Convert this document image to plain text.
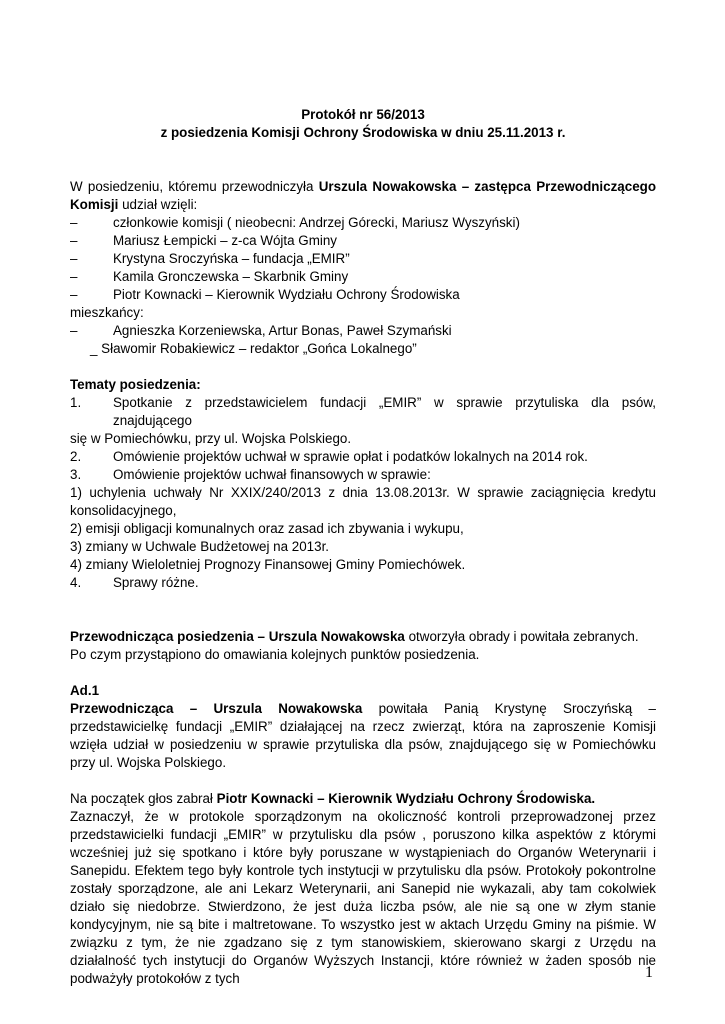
Protokół nr 56/2013

z posiedzenia Komisji Ochrony Środowiska w dniu 25.11.2013 r.

W posiedzeniu, któremu przewodniczyła Urszula Nowakowska – zastępca Przewodniczącego Komisji udział wzięli:
–	członkowie komisji ( nieobecni: Andrzej Górecki, Mariusz Wyszyński)
–	Mariusz Łempicki – z-ca Wójta Gminy
–	Krystyna Sroczyńska – fundacja „EMIR”
–	Kamila Gronczewska – Skarbnik Gminy
–	Piotr Kownacki – Kierownik Wydziału Ochrony Środowiska
mieszkańcy:
–	Agnieszka Korzeniewska, Artur Bonas, Paweł Szymański
_ Sławomir Robakiewicz – redaktor „Gońca Lokalnego”
Tematy posiedzenia:
1.	Spotkanie z przedstawicielem fundacji „EMIR” w sprawie przytuliska dla psów, znajdującego
się w Pomiechówku, przy ul. Wojska Polskiego.
2.	Omówienie projektów uchwał w sprawie opłat i podatków lokalnych na 2014 rok.
3.	Omówienie projektów uchwał finansowych w sprawie:
1) uchylenia uchwały Nr XXIX/240/2013 z dnia 13.08.2013r. W sprawie zaciągnięcia kredytu
konsolidacyjnego,
2) emisji obligacji komunalnych oraz zasad ich zbywania i wykupu,
3) zmiany w Uchwale Budżetowej na 2013r.
4) zmiany Wieloletniej Prognozy Finansowej Gminy Pomiechówek.
4.	Sprawy różne.
Przewodnicząca posiedzenia – Urszula Nowakowska otworzyła obrady i powitała zebranych.
Po czym przystąpiono do omawiania kolejnych punktów posiedzenia.
Ad.1
Przewodnicząca – Urszula Nowakowska powitała Panią Krystynę Sroczyńską – przedstawicielkę fundacji „EMIR” działającej na rzecz zwierząt, która na zaproszenie Komisji wzięła udział w posiedzeniu w sprawie przytuliska dla psów, znajdującego się w Pomiechówku przy ul. Wojska Polskiego.
Na początek głos zabrał Piotr Kownacki – Kierownik Wydziału Ochrony Środowiska.
Zaznaczył, że w protokole sporządzonym na okoliczność kontroli przeprowadzonej przez przedstawicielki fundacji „EMIR” w przytulisku dla psów , poruszono kilka aspektów z którymi wcześniej już się spotkano i które były poruszane w wystąpieniach do Organów Weterynarii i Sanepidu. Efektem tego były kontrole tych instytucji w przytulisku dla psów. Protokoły pokontrolne zostały sporządzone, ale ani Lekarz Weterynarii, ani Sanepid nie wykazali, aby tam cokolwiek działo się niedobrze. Stwierdzono, że jest duża liczba psów, ale nie są one w złym stanie kondycyjnym, nie są bite i maltretowane. To wszystko jest w aktach Urzędu Gminy na piśmie. W związku z tym, że nie zgadzano się z tym stanowiskiem, skierowano skargi z Urzędu na działalność tych instytucji do Organów Wyższych Instancji, które również w żaden sposób nie podważyły protokołów z tych	1
